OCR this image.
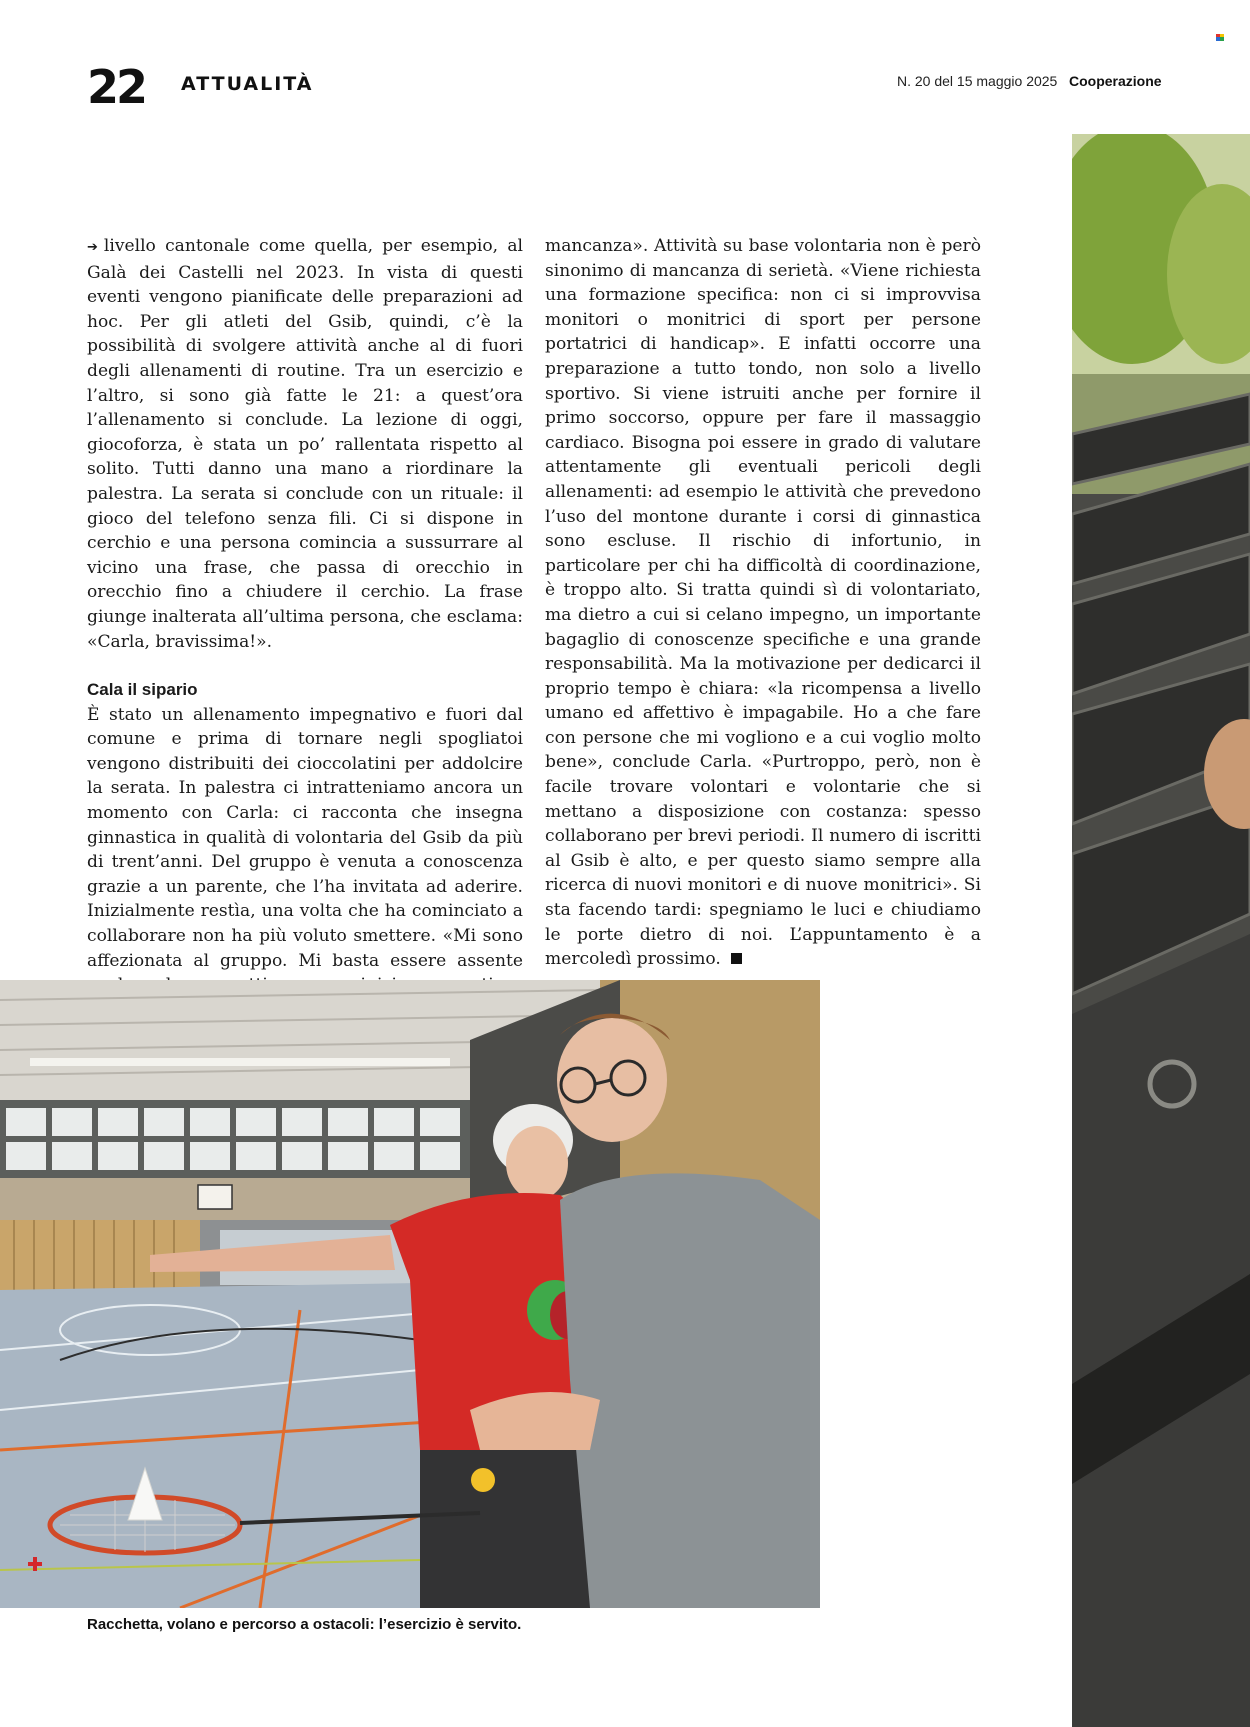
22 ATTUALITÀ	N. 20 del 15 maggio 2025 Cooperazione

➔ livello cantonale come quella, per esempio, al Galà dei Castelli nel 2023. In vista di questi eventi vengono pianificate delle preparazioni ad hoc. Per gli atleti del Gsib, quindi, c’è la possibilità di svolgere attività anche al di fuori degli allenamenti di routine. Tra un esercizio e l’altro, si sono già fatte le 21: a quest’ora l’allenamento si conclude. La lezione di oggi, giocoforza, è stata un po’ rallentata rispetto al solito. Tutti danno una mano a riordinare la palestra. La serata si conclude con un rituale: il gioco del telefono senza fili. Ci si dispone in cerchio e una persona comincia a sussurrare al vicino una frase, che passa di orecchio in orecchio fino a chiudere il cerchio. La frase giunge inalterata all’ultima persona, che esclama: «Carla, bravissima!».

Cala il sipario

È stato un allenamento impegnativo e fuori dal comune e prima di tornare negli spogliatoi vengono distribuiti dei cioccolatini per addolcire la serata. In palestra ci intratteniamo ancora un momento con Carla: ci racconta che insegna ginnastica in qualità di volontaria del Gsib da più di trent’anni. Del gruppo è venuta a conoscenza grazie a un parente, che l’ha invitata ad aderire. Inizialmente restìa, una volta che ha cominciato a collaborare non ha più voluto smettere. «Mi sono affezionata al gruppo. Mi basta essere assente

mancanza». Attività su base volontaria non è però sinonimo di mancanza di serietà. «Viene richiesta una formazione specifica: non ci si improvvisa monitori o monitrici di sport per persone portatrici di handicap». E infatti occorre una preparazione a tutto tondo, non solo a livello sportivo. Si viene istruiti anche per fornire il primo soccorso, oppure per fare il massaggio cardiaco. Bisogna poi essere in grado di valutare attentamente gli eventuali pericoli degli allenamenti: ad esempio le attività che prevedono l’uso del montone durante i corsi di ginnastica sono escluse. Il rischio di infortunio, in particolare per chi ha difficoltà di coordinazione, è troppo alto. Si tratta quindi sì di volontariato, ma dietro a cui si celano impegno, un importante bagaglio di conoscenze specifiche e una grande responsabilità. Ma la motivazione per dedicarci il proprio tempo è chiara: «la ricompensa a livello umano ed affettivo è impagabile. Ho a che fare con persone che mi vogliono e a cui voglio molto bene», conclude Carla. «Purtroppo, però, non è facile trovare volontari e volontarie che si mettano a disposizione con costanza: spesso collaborano per brevi periodi. Il numero di iscritti al Gsib è alto, e per questo siamo sempre alla ricerca di nuovi monitori e di nuove monitrici». Si sta facendo tardi: spegniamo le luci e chiudiamo le porte dietro di noi. L’appuntamento è a mercoledì prossimo.

Racchetta, volano e percorso a ostacoli: l’esercizio è servito.
